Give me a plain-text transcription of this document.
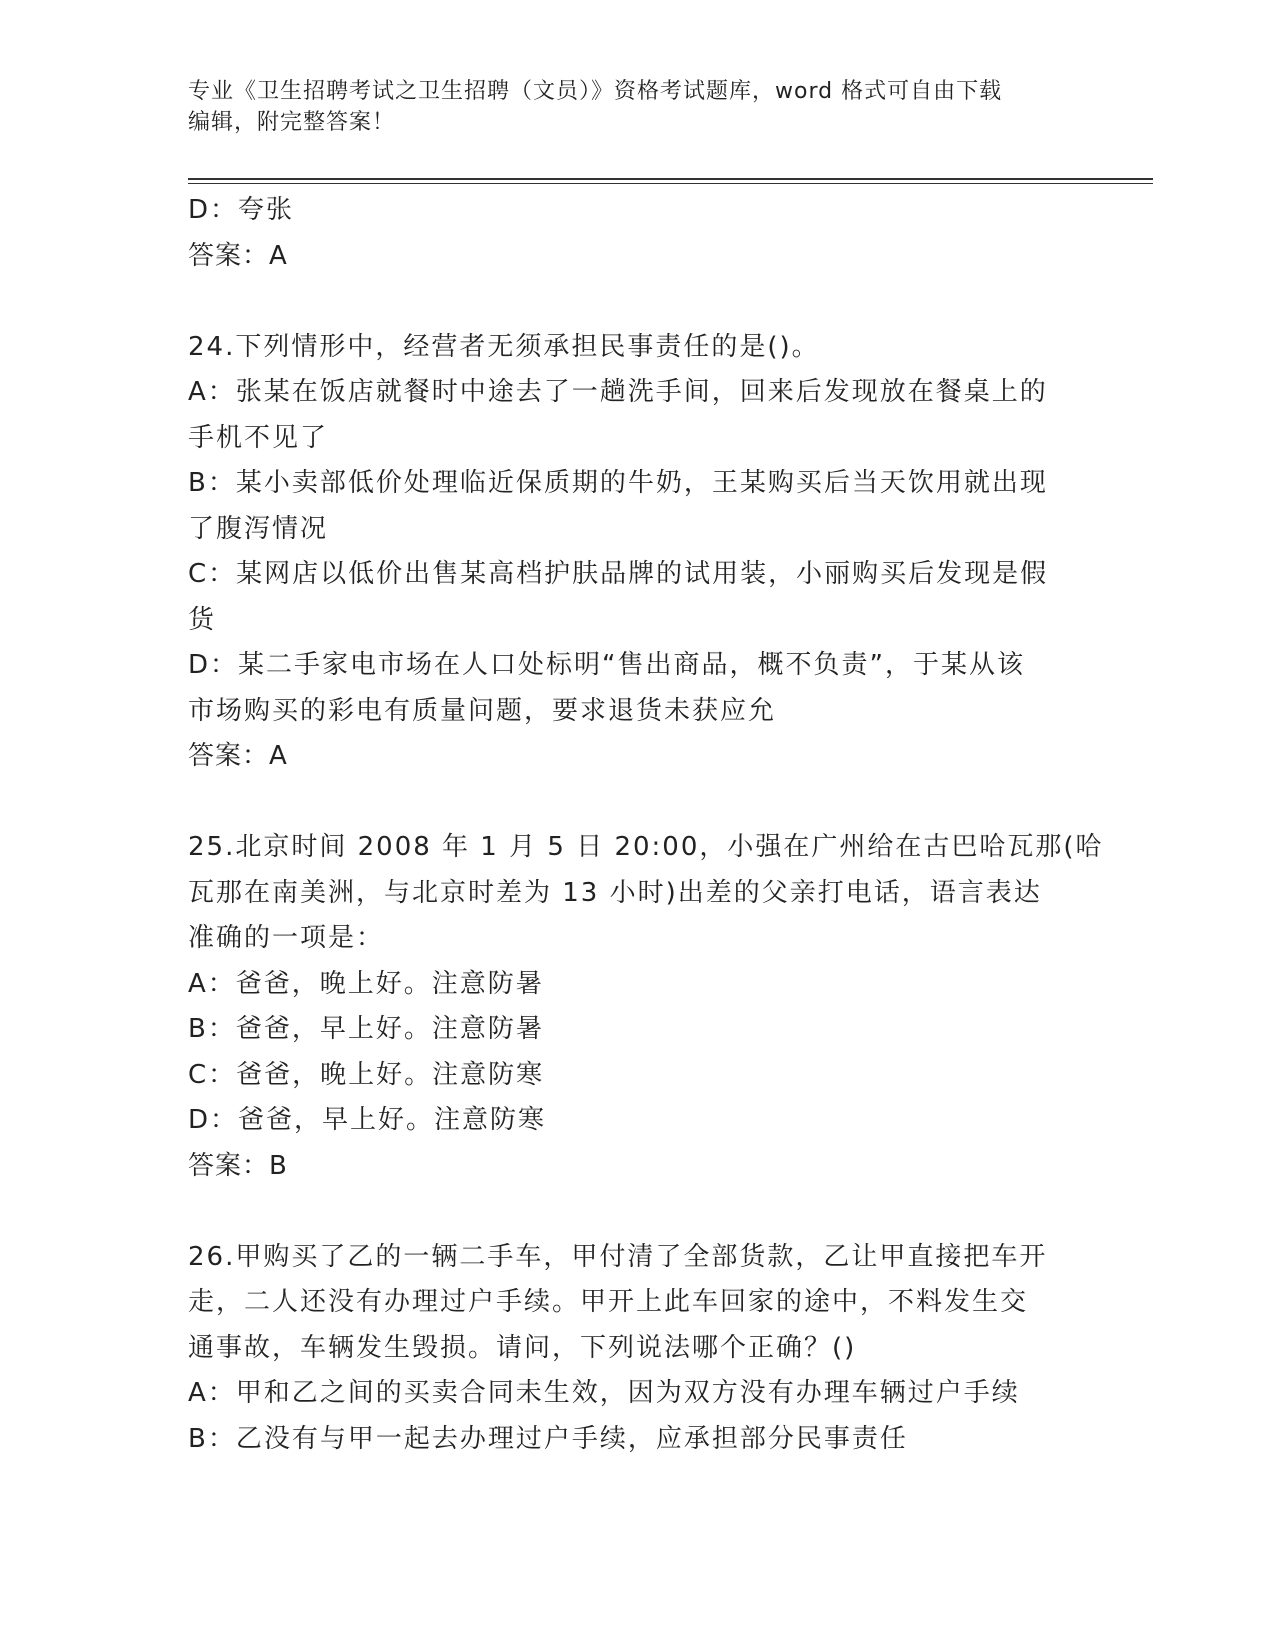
专业《卫生招聘考试之卫生招聘（文员）》资格考试题库，word 格式可自由下载
编辑，附完整答案！
D：夸张
答案：A
24.下列情形中，经营者无须承担民事责任的是()。
A：张某在饭店就餐时中途去了一趟洗手间，回来后发现放在餐桌上的
手机不见了
B：某小卖部低价处理临近保质期的牛奶，王某购买后当天饮用就出现
了腹泻情况
C：某网店以低价出售某高档护肤品牌的试用装，小丽购买后发现是假
货
D：某二手家电市场在人口处标明“售出商品，概不负责”，于某从该
市场购买的彩电有质量问题，要求退货未获应允
答案：A
25.北京时间 2008 年 1 月 5 日 20:00，小强在广州给在古巴哈瓦那(哈
瓦那在南美洲，与北京时差为 13 小时)出差的父亲打电话，语言表达
准确的一项是：
A：爸爸，晚上好。注意防暑
B：爸爸，早上好。注意防暑
C：爸爸，晚上好。注意防寒
D：爸爸，早上好。注意防寒
答案：B
26.甲购买了乙的一辆二手车，甲付清了全部货款，乙让甲直接把车开
走，二人还没有办理过户手续。甲开上此车回家的途中，不料发生交
通事故，车辆发生毁损。请问，下列说法哪个正确？()
A：甲和乙之间的买卖合同未生效，因为双方没有办理车辆过户手续
B：乙没有与甲一起去办理过户手续，应承担部分民事责任
